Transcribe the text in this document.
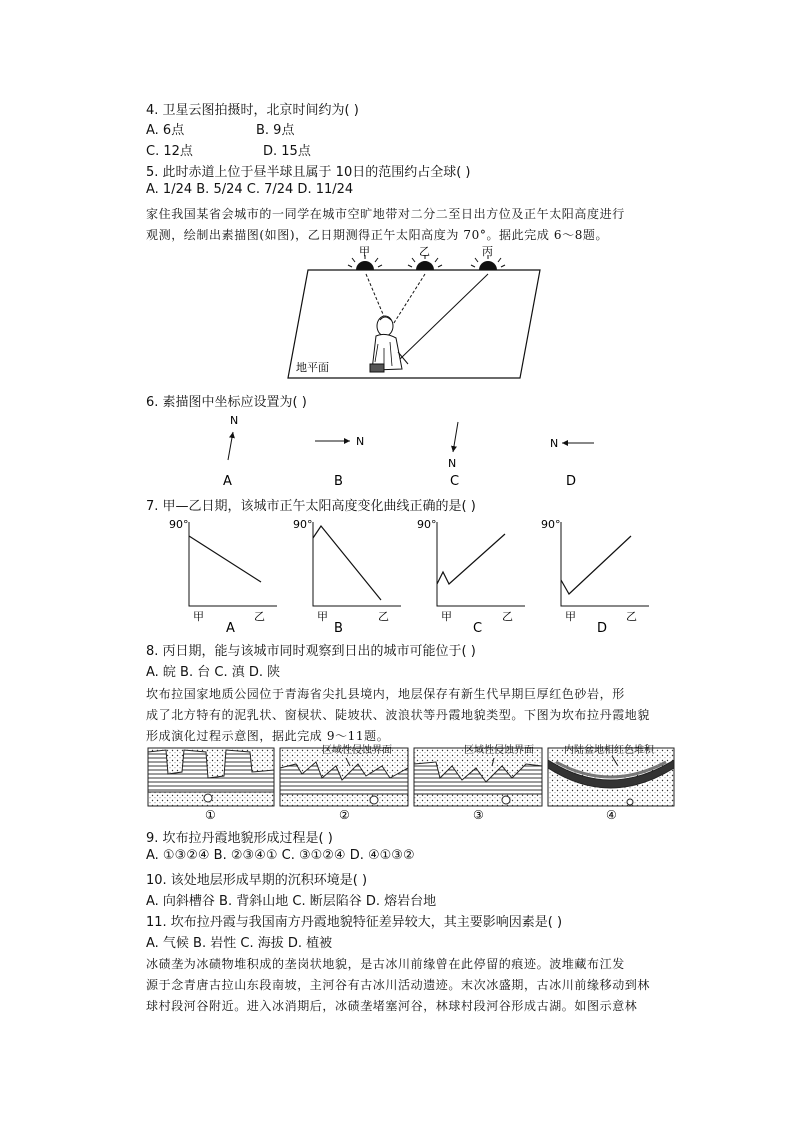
4. 卫星云图拍摄时，北京时间约为( )
A. 6点	B. 9点
C. 12点	D. 15点
5. 此时赤道上位于昼半球且属于 10日的范围约占全球( )
A. 1/24 B. 5/24 C. 7/24 D. 11/24
家住我国某省会城市的一同学在城市空旷地带对二分二至日出方位及正午太阳高度进行
观测，绘制出素描图(如图)，乙日期测得正午太阳高度为 70°。据此完成 6～8题。
甲	乙	丙
地平面
6. 素描图中坐标应设置为( )
N
A
N
B
N
C
N
D
7. 甲—乙日期，该城市正午太阳高度变化曲线正确的是( )
90°
甲	乙
A
90°
甲	乙
B
90°
甲	乙
C
90°
甲	乙
D
8. 丙日期，能与该城市同时观察到日出的城市可能位于( )
A. 皖 B. 台 C. 滇 D. 陕
坎布拉国家地质公园位于青海省尖扎县境内，地层保存有新生代早期巨厚红色砂岩，形
成了北方特有的泥乳状、窗棂状、陡坡状、波浪状等丹霞地貌类型。下图为坎布拉丹霞地貌
形成演化过程示意图，据此完成 9～11题。
区域性侵蚀界面	区域性侵蚀界面	内陆盆地相红色堆积
①	②	③	④
9. 坎布拉丹霞地貌形成过程是( )
A. ①③②④ B. ②③④① C. ③①②④ D. ④①③②
10. 该处地层形成早期的沉积环境是( )
A. 向斜槽谷 B. 背斜山地 C. 断层陷谷 D. 熔岩台地
11. 坎布拉丹霞与我国南方丹霞地貌特征差异较大，其主要影响因素是( )
A. 气候 B. 岩性 C. 海拔 D. 植被
冰碛垄为冰碛物堆积成的垄岗状地貌，是古冰川前缘曾在此停留的痕迹。波堆藏布江发
源于念青唐古拉山东段南坡，主河谷有古冰川活动遗迹。末次冰盛期，古冰川前缘移动到林
球村段河谷附近。进入冰消期后，冰碛垄堵塞河谷，林球村段河谷形成古湖。如图示意林
